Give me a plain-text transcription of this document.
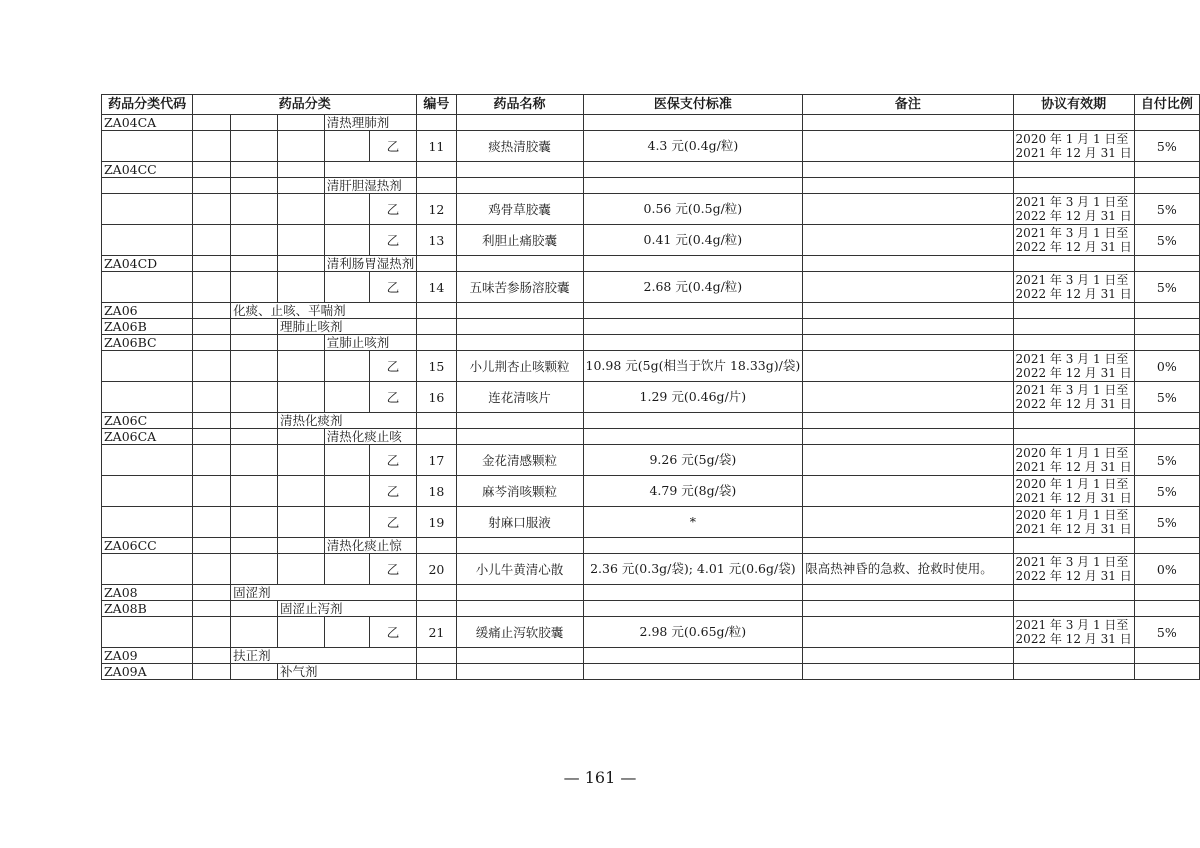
药品分类代码	药品分类					编号	药品名称	医保支付标准	备注	协议有效期	自付比例
ZA04CA				清热理肺剂							
					乙	11	痰热清胶囊	4.3 元(0.4g/粒)		2020 年 1 月 1 日至
2021 年 12 月 31 日	5%
ZA04CC											
				清肝胆湿热剂							
					乙	12	鸡骨草胶囊	0.56 元(0.5g/粒)		2021 年 3 月 1 日至
2022 年 12 月 31 日	5%
					乙	13	利胆止痛胶囊	0.41 元(0.4g/粒)		2021 年 3 月 1 日至
2022 年 12 月 31 日	5%
ZA04CD				清利肠胃湿热剂							
					乙	14	五味苦参肠溶胶囊	2.68 元(0.4g/粒)		2021 年 3 月 1 日至
2022 年 12 月 31 日	5%
ZA06		化痰、止咳、平喘剂									
ZA06B			理肺止咳剂								
ZA06BC				宣肺止咳剂							
					乙	15	小儿荆杏止咳颗粒	10.98 元(5g(相当于饮片 18.33g)/袋)		2021 年 3 月 1 日至
2022 年 12 月 31 日	0%
					乙	16	连花清咳片	1.29 元(0.46g/片)		2021 年 3 月 1 日至
2022 年 12 月 31 日	5%
ZA06C			清热化痰剂								
ZA06CA				清热化痰止咳							
					乙	17	金花清感颗粒	9.26 元(5g/袋)		2020 年 1 月 1 日至
2021 年 12 月 31 日	5%
					乙	18	麻芩消咳颗粒	4.79 元(8g/袋)		2020 年 1 月 1 日至
2021 年 12 月 31 日	5%
					乙	19	射麻口服液	*		2020 年 1 月 1 日至
2021 年 12 月 31 日	5%
ZA06CC				清热化痰止惊							
					乙	20	小儿牛黄清心散	2.36 元(0.3g/袋); 4.01 元(0.6g/袋)	限高热神昏的急救、抢救时使用。	2021 年 3 月 1 日至
2022 年 12 月 31 日	0%
ZA08		固涩剂									
ZA08B			固涩止泻剂								
					乙	21	缓痛止泻软胶囊	2.98 元(0.65g/粒)		2021 年 3 月 1 日至
2022 年 12 月 31 日	5%
ZA09		扶正剂									
ZA09A			补气剂								
— 161 —
